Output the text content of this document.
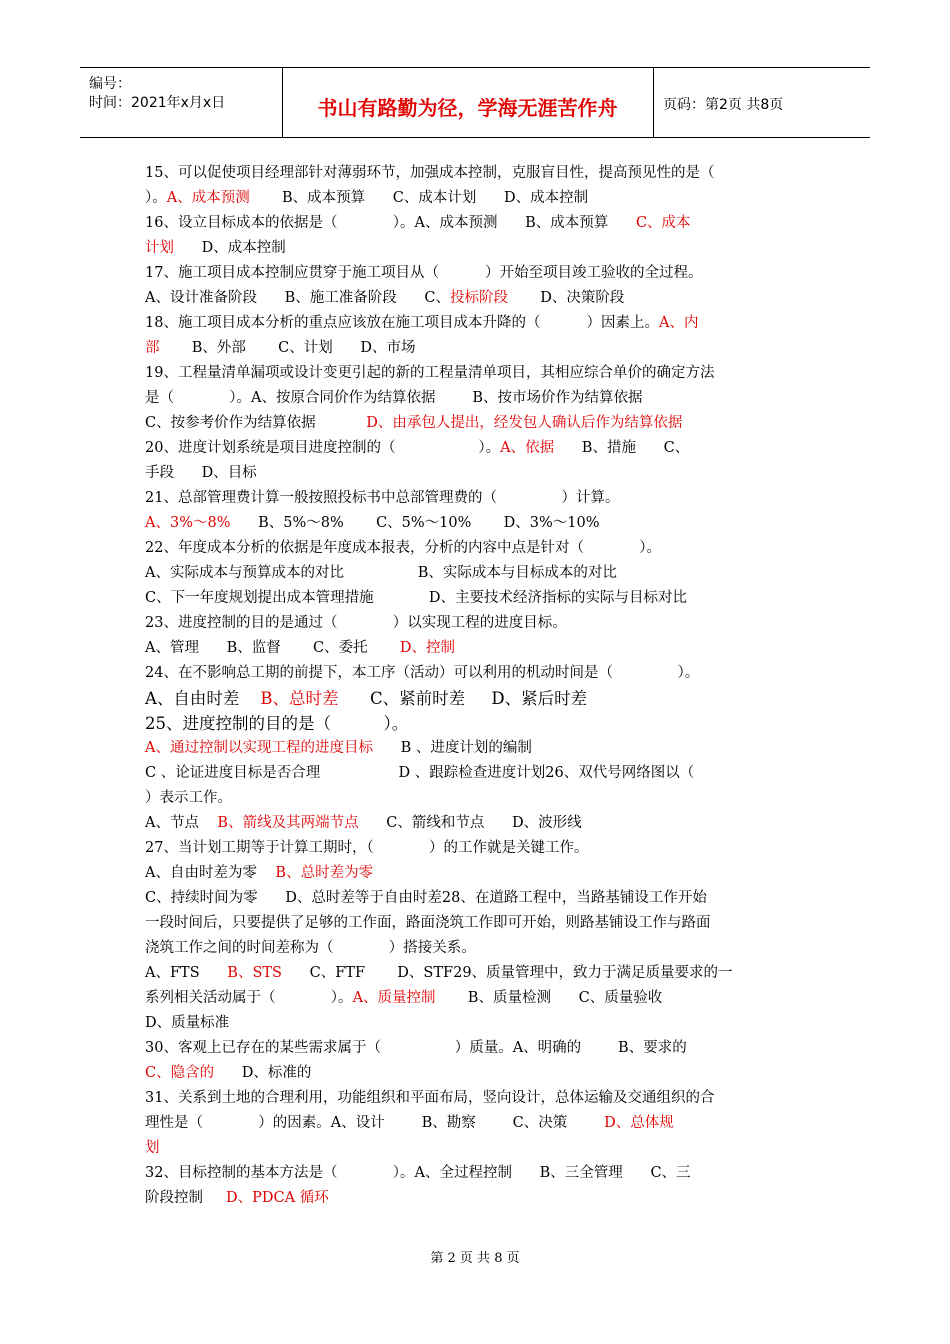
编号：
时间：2021年x月x日	书山有路勤为径，学海无涯苦作舟	页码：第2页 共8页
15、可以促使项目经理部针对薄弱环节，加强成本控制，克服盲目性，提高预见性的是（
）。A、成本预测       B、成本预算      C、成本计划      D、成本控制
16、设立目标成本的依据是（            ）。A、成本预测      B、成本预算      C、成本
计划      D、成本控制
17、施工项目成本控制应贯穿于施工项目从（          ）开始至项目竣工验收的全过程。
A、设计准备阶段      B、施工准备阶段      C、投标阶段       D、决策阶段
18、施工项目成本分析的重点应该放在施工项目成本升降的（          ）因素上。A、内
部       B、外部       C、计划      D、市场
19、工程量清单漏项或设计变更引起的新的工程量清单项目，其相应综合单价的确定方法
是（            ）。A、按原合同价作为结算依据        B、按市场价作为结算依据
C、按参考价作为结算依据           D、由承包人提出，经发包人确认后作为结算依据
20、进度计划系统是项目进度控制的（                  ）。A、依据      B、措施      C、
手段      D、目标
21、总部管理费计算一般按照投标书中总部管理费的（              ）计算。
A、3%～8%      B、5%～8%       C、5%～10%       D、3%～10%
22、年度成本分析的依据是年度成本报表，分析的内容中点是针对（            ）。
A、实际成本与预算成本的对比                B、实际成本与目标成本的对比
C、下一年度规划提出成本管理措施            D、主要技术经济指标的实际与目标对比
23、进度控制的目的是通过（            ）以实现工程的进度目标。
A、管理      B、监督       C、委托       D、控制
24、在不影响总工期的前提下，本工序（活动）可以利用的机动时间是（              ）。
A、自由时差    B、总时差      C、紧前时差     D、紧后时差
25、进度控制的目的是（          ）。
A、通过控制以实现工程的进度目标      B 、进度计划的编制
C 、论证进度目标是否合理                 D 、跟踪检查进度计划26、双代号网络图以（
）表示工作。
A、节点    B、箭线及其两端节点      C、箭线和节点      D、波形线
27、当计划工期等于计算工期时，（            ）的工作就是关键工作。
A、自由时差为零    B、总时差为零
C、持续时间为零      D、总时差等于自由时差28、在道路工程中，当路基铺设工作开始
一段时间后，只要提供了足够的工作面，路面浇筑工作即可开始，则路基铺设工作与路面
浇筑工作之间的时间差称为（            ）搭接关系。
A、FTS      B、STS      C、FTF       D、STF29、质量管理中，致力于满足质量要求的一
系列相关活动属于（            ）。A、质量控制       B、质量检测      C、质量验收
D、质量标准
30、客观上已存在的某些需求属于（                ）质量。A、明确的        B、要求的
C、隐含的      D、标准的
31、关系到土地的合理利用，功能组织和平面布局，竖向设计，总体运输及交通组织的合
理性是（            ）的因素。A、设计        B、勘察        C、决策        D、总体规
划
32、目标控制的基本方法是（            ）。A、全过程控制      B、三全管理      C、三
阶段控制     D、PDCA 循环
第 2 页 共 8 页
